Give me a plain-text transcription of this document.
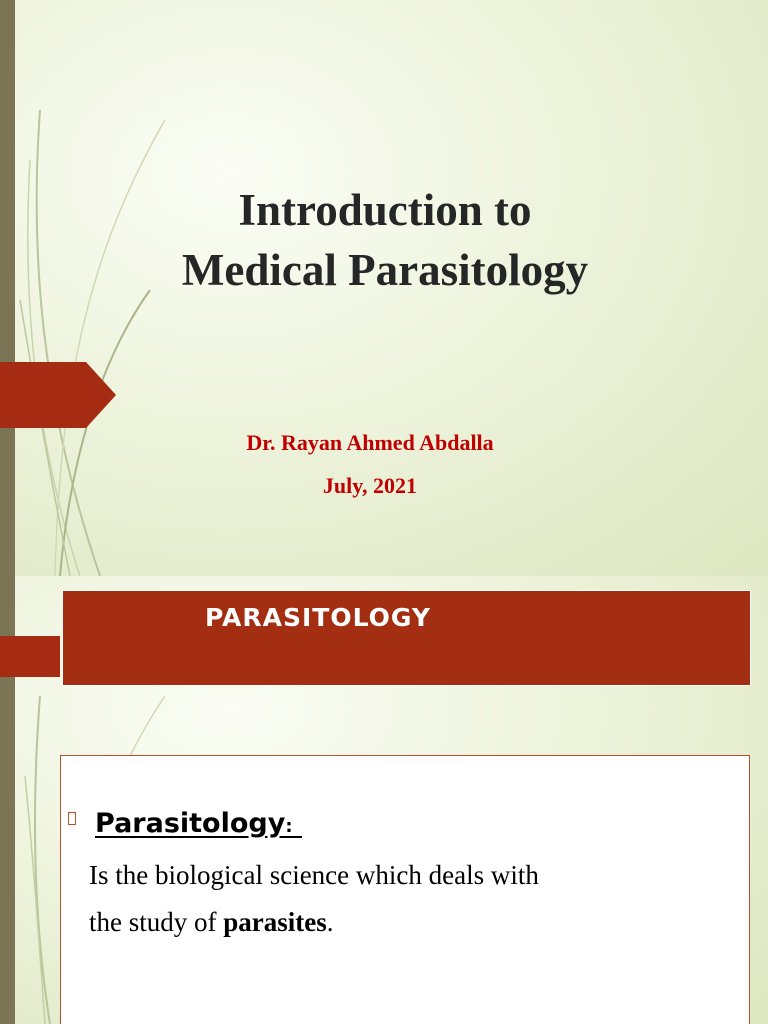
Introduction to
Medical Parasitology
Dr. Rayan Ahmed Abdalla
July, 2021
PARASITOLOGY
Parasitology:
Is the biological science which deals with
the study of parasites.
